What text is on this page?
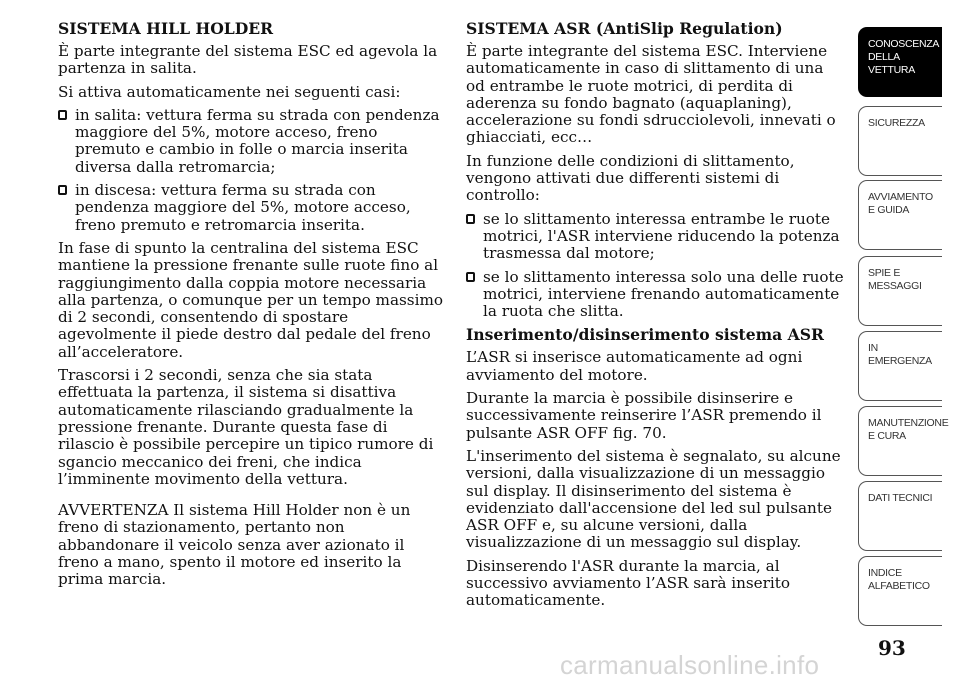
SISTEMA HILL HOLDER

È parte integrante del sistema ESC ed agevola la partenza in salita.

Si attiva automaticamente nei seguenti casi:

in salita: vettura ferma su strada con pendenza maggiore del 5%, motore acceso, freno premuto e cambio in folle o marcia inserita diversa dalla retromarcia;
in discesa: vettura ferma su strada con pendenza maggiore del 5%, motore acceso, freno premuto e retromarcia inserita.

In fase di spunto la centralina del sistema ESC mantiene la pressione frenante sulle ruote fino al raggiungimento dalla coppia motore necessaria alla partenza, o comunque per un tempo massimo di 2 secondi, consentendo di spostare agevolmente il piede destro dal pedale del freno all’acceleratore.

Trascorsi i 2 secondi, senza che sia stata effettuata la partenza, il sistema si disattiva automaticamente rilasciando gradualmente la pressione frenante. Durante questa fase di rilascio è possibile percepire un tipico rumore di sgancio meccanico dei freni, che indica l’imminente movimento della vettura.

AVVERTENZA Il sistema Hill Holder non è un freno di stazionamento, pertanto non abbandonare il veicolo senza aver azionato il freno a mano, spento il motore ed inserito la prima marcia.

SISTEMA ASR (AntiSlip Regulation)

È parte integrante del sistema ESC. Interviene automaticamente in caso di slittamento di una od entrambe le ruote motrici, di perdita di aderenza su fondo bagnato (aquaplaning), accelerazione su fondi sdrucciolevoli, innevati o ghiacciati, ecc…

In funzione delle condizioni di slittamento, vengono attivati due differenti sistemi di controllo:

se lo slittamento interessa entrambe le ruote motrici, l'ASR interviene riducendo la potenza trasmessa dal motore;
se lo slittamento interessa solo una delle ruote motrici, interviene frenando automaticamente la ruota che slitta.
Inserimento/disinserimento sistema ASR

L’ASR si inserisce automaticamente ad ogni avviamento del motore.

Durante la marcia è possibile disinserire e successivamente reinserire l’ASR premendo il pulsante ASR OFF fig. 70.

L'inserimento del sistema è segnalato, su alcune versioni, dalla visualizzazione di un messaggio sul display. Il disinserimento del sistema è evidenziato dall'accensione del led sul pulsante ASR OFF e, su alcune versioni, dalla visualizzazione di un messaggio sul display.

Disinserendo l'ASR durante la marcia, al successivo avviamento l’ASR sarà inserito automaticamente.

CONOSCENZA DELLA VETTURA
SICUREZZA
AVVIAMENTO E GUIDA
SPIE E MESSAGGI
IN EMERGENZA
MANUTENZIONE E CURA
DATI TECNICI
INDICE ALFABETICO
93
carmanualsonline.info
